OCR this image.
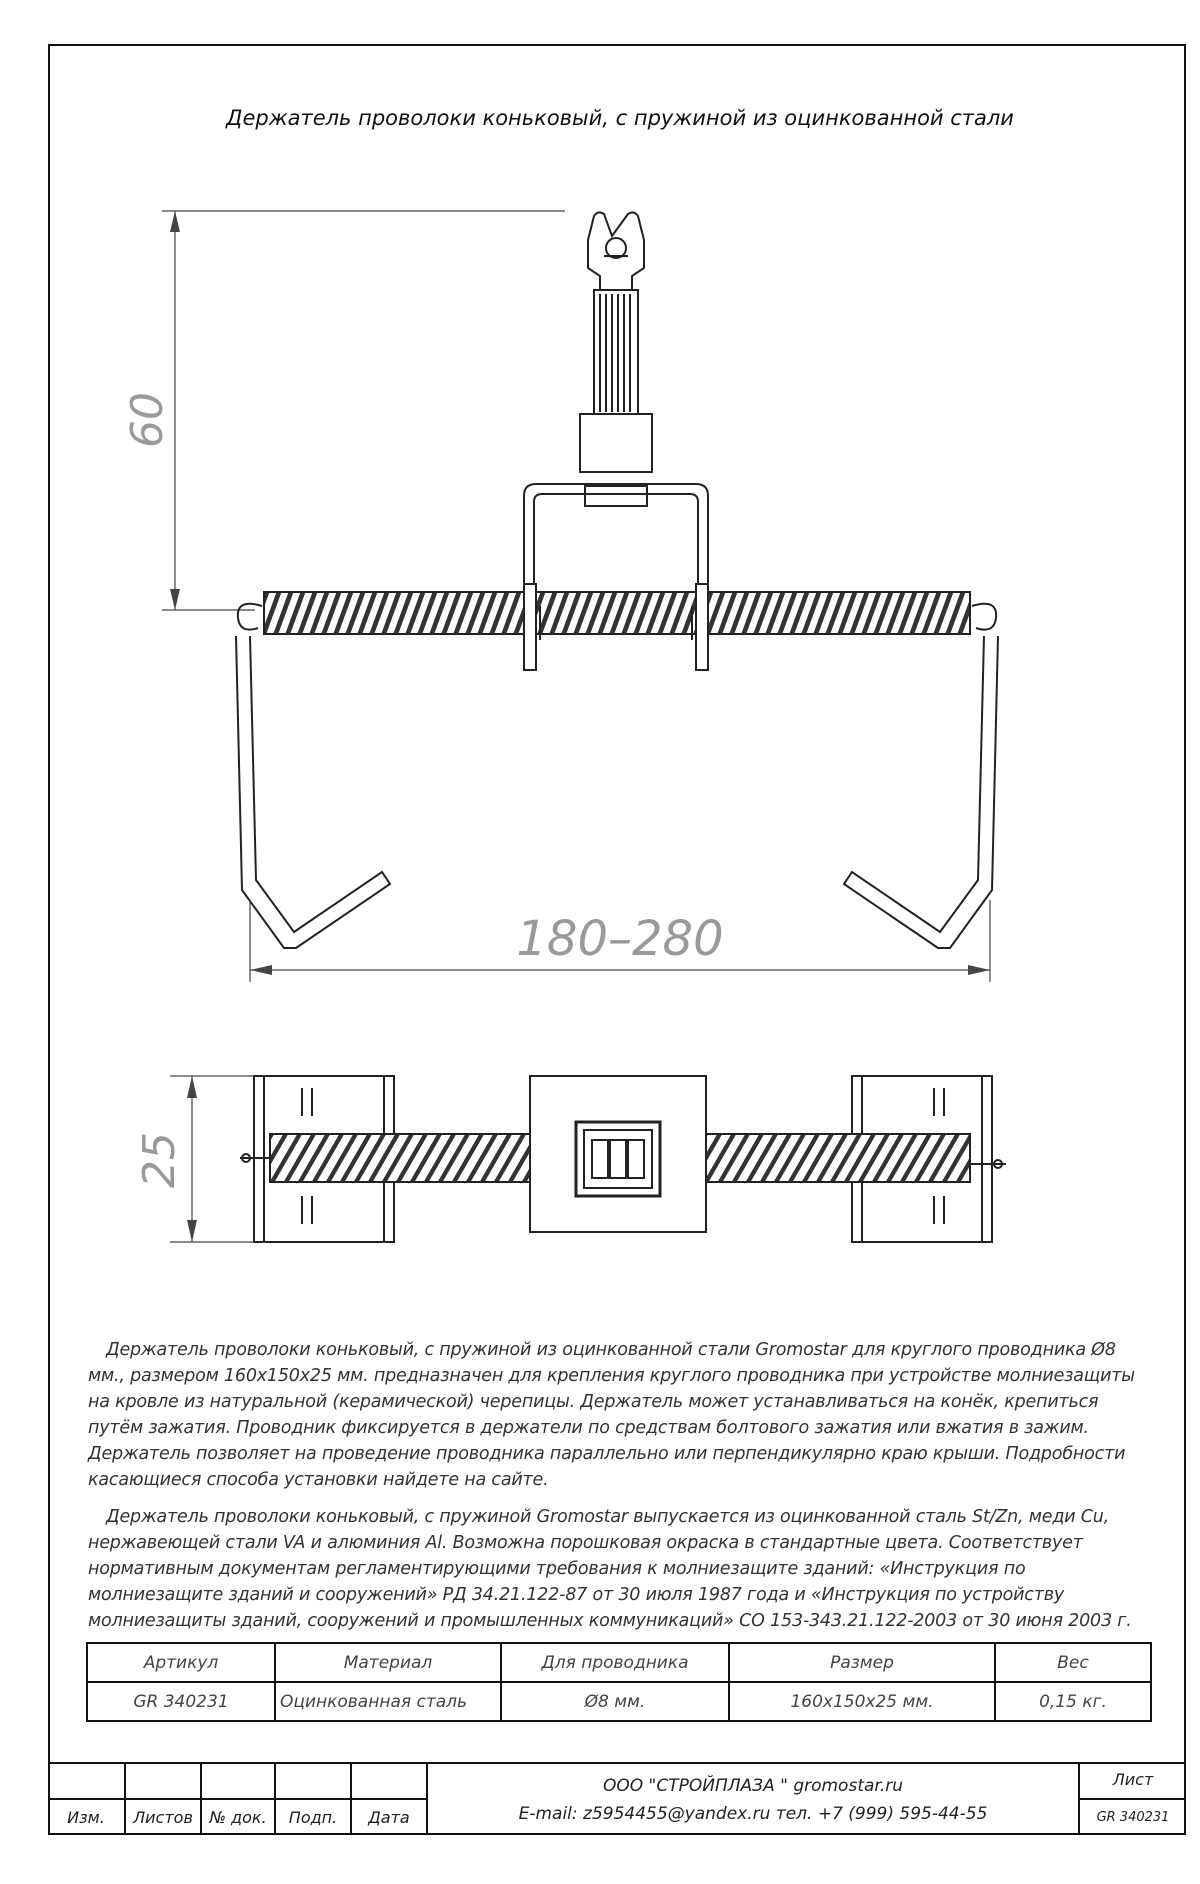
Держатель проволоки коньковый, с пружиной из оцинкованной стали
60
180–280
25

Держатель проволоки коньковый, с пружиной из оцинкованной стали Gromostar для круглого проводника Ø8 мм., размером 160х150х25 мм. предназначен для крепления круглого проводника при устройстве молниезащиты на кровле из натуральной (керамической) черепицы. Держатель может устанавливаться на конёк, крепиться путём зажатия. Проводник фиксируется в держатели по средствам болтового зажатия или вжатия в зажим. Держатель позволяет на проведение проводника параллельно или перпендикулярно краю крыши. Подробности касающиеся способа установки найдете на сайте.

Держатель проволоки коньковый, с пружиной Gromostar выпускается из оцинкованной сталь St/Zn, меди Cu, нержавеющей стали VA и алюминия Al. Возможна порошковая окраска в стандартные цвета. Соответствует нормативным документам регламентирующими требования к молниезащите зданий: «Инструкция по молниезащите зданий и сооружений» РД 34.21.122-87 от 30 июля 1987 года и «Инструкция по устройству молниезащиты зданий, сооружений и промышленных коммуникаций» СО 153-343.21.122-2003 от 30 июня 2003 г.

Артикул	Материал	Для проводника	Размер	Вес
GR 340231	Оцинкованная сталь	Ø8 мм.	160х150х25 мм.	0,15 кг.
Изм.	Листов	№ док.	Подп.	Дата
ООО "СТРОЙПЛАЗА " gromostar.ru
E-mail: z5954455@yandex.ru тел. +7 (999) 595-44-55
Лист
GR 340231
